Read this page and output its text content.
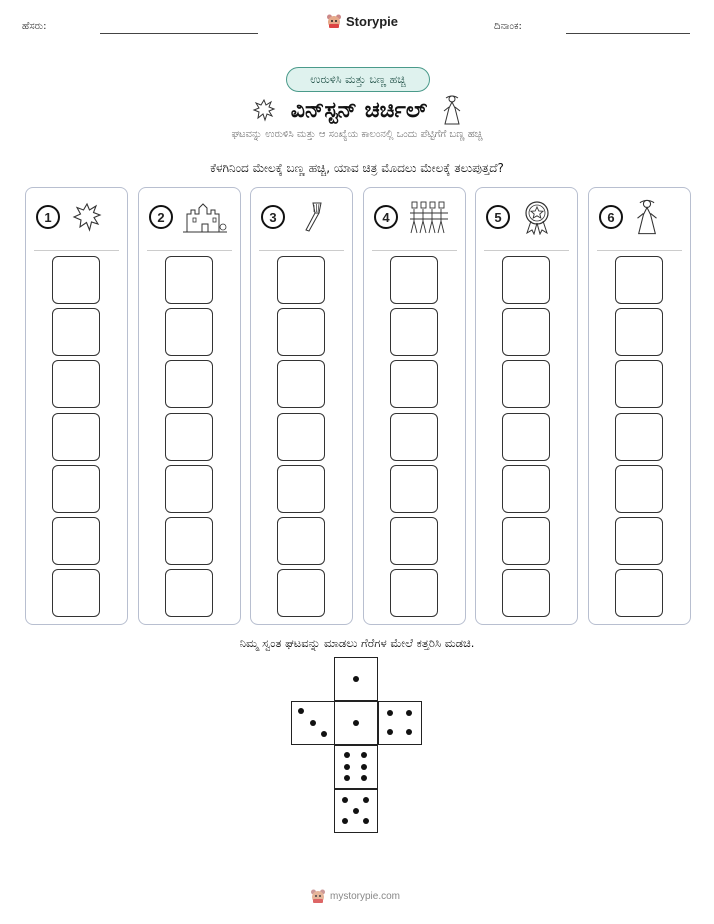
ಹೆಸರು:	Storypie	ದಿನಾಂಕ:
ಉರುಳಿಸಿ ಮತ್ತು ಬಣ್ಣ ಹಚ್ಚಿ
ವಿನ್‌ಸ್ಟನ್ ಚರ್ಚಿಲ್
ಘಟವನ್ನು ಉರುಳಿಸಿ ಮತ್ತು ಆ ಸಂಖ್ಯೆಯ ಕಾಲಂನಲ್ಲಿ ಒಂದು ಪೆಟ್ಟಿಗೆಗೆ ಬಣ್ಣ ಹಚ್ಚಿ
ಕೆಳಗಿನಿಂದ ಮೇಲಕ್ಕೆ ಬಣ್ಣ ಹಚ್ಚಿ, ಯಾವ ಚಿತ್ರ ಮೊದಲು ಮೇಲಕ್ಕೆ ತಲುಪುತ್ತದೆ?
1	2	3	4	5	6
ನಿಮ್ಮ ಸ್ವಂತ ಘಟವನ್ನು ಮಾಡಲು ಗೆರೆಗಳ ಮೇಲೆ ಕತ್ತರಿಸಿ ಮಡಚಿ.
mystorypie.com
